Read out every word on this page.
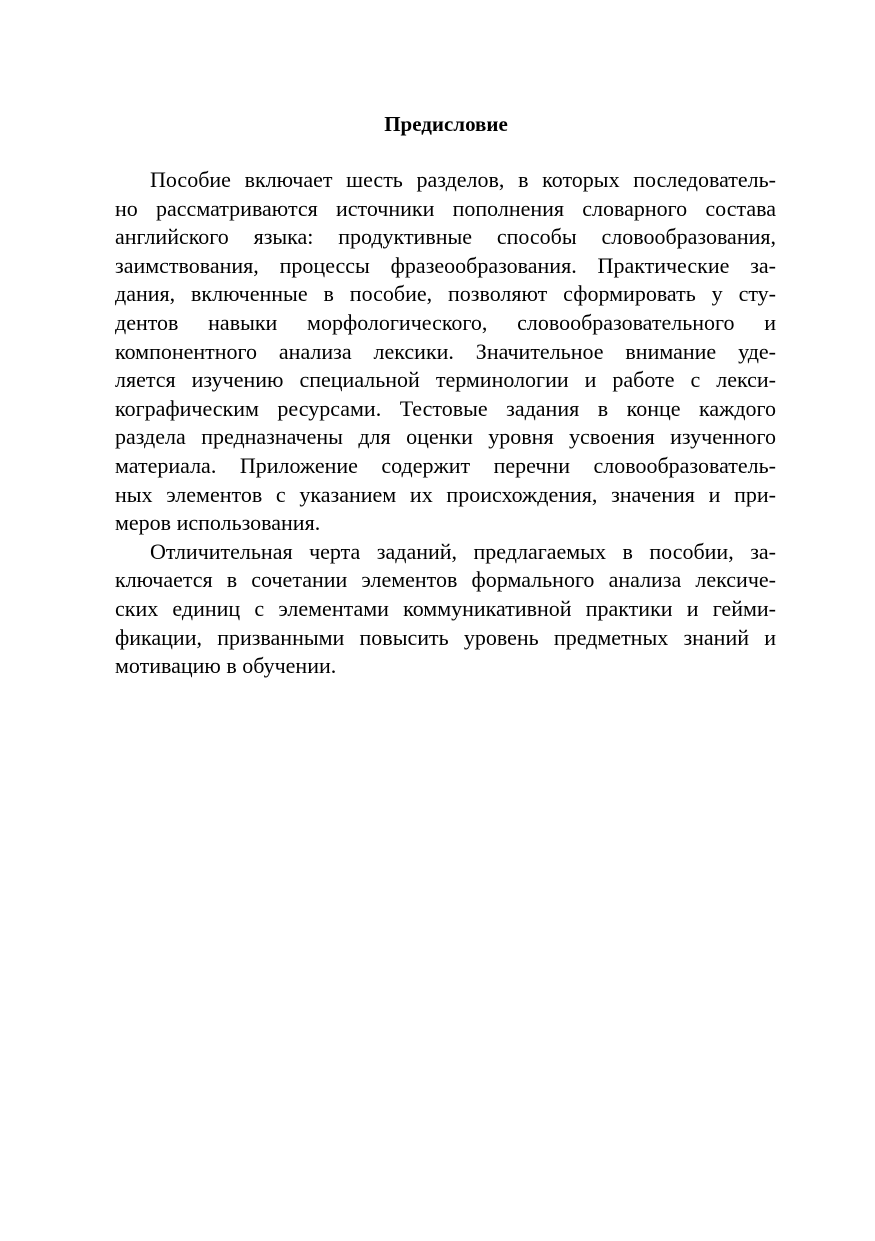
Предисловие

Пособие включает шесть разделов, в которых последователь-

но рассматриваются источники пополнения словарного состава

английского языка: продуктивные способы словообразования,

заимствования, процессы фразеообразования. Практические за-

дания, включенные в пособие, позволяют сформировать у сту-

дентов навыки морфологического, словообразовательного и

компонентного анализа лексики. Значительное внимание уде-

ляется изучению специальной терминологии и работе с лекси-

кографическим ресурсами. Тестовые задания в конце каждого

раздела предназначены для оценки уровня усвоения изученного

материала. Приложение содержит перечни словообразователь-

ных элементов с указанием их происхождения, значения и при-

меров использования.

Отличительная черта заданий, предлагаемых в пособии, за-

ключается в сочетании элементов формального анализа лексиче-

ских единиц с элементами коммуникативной практики и гейми-

фикации, призванными повысить уровень предметных знаний и

мотивацию в обучении.
